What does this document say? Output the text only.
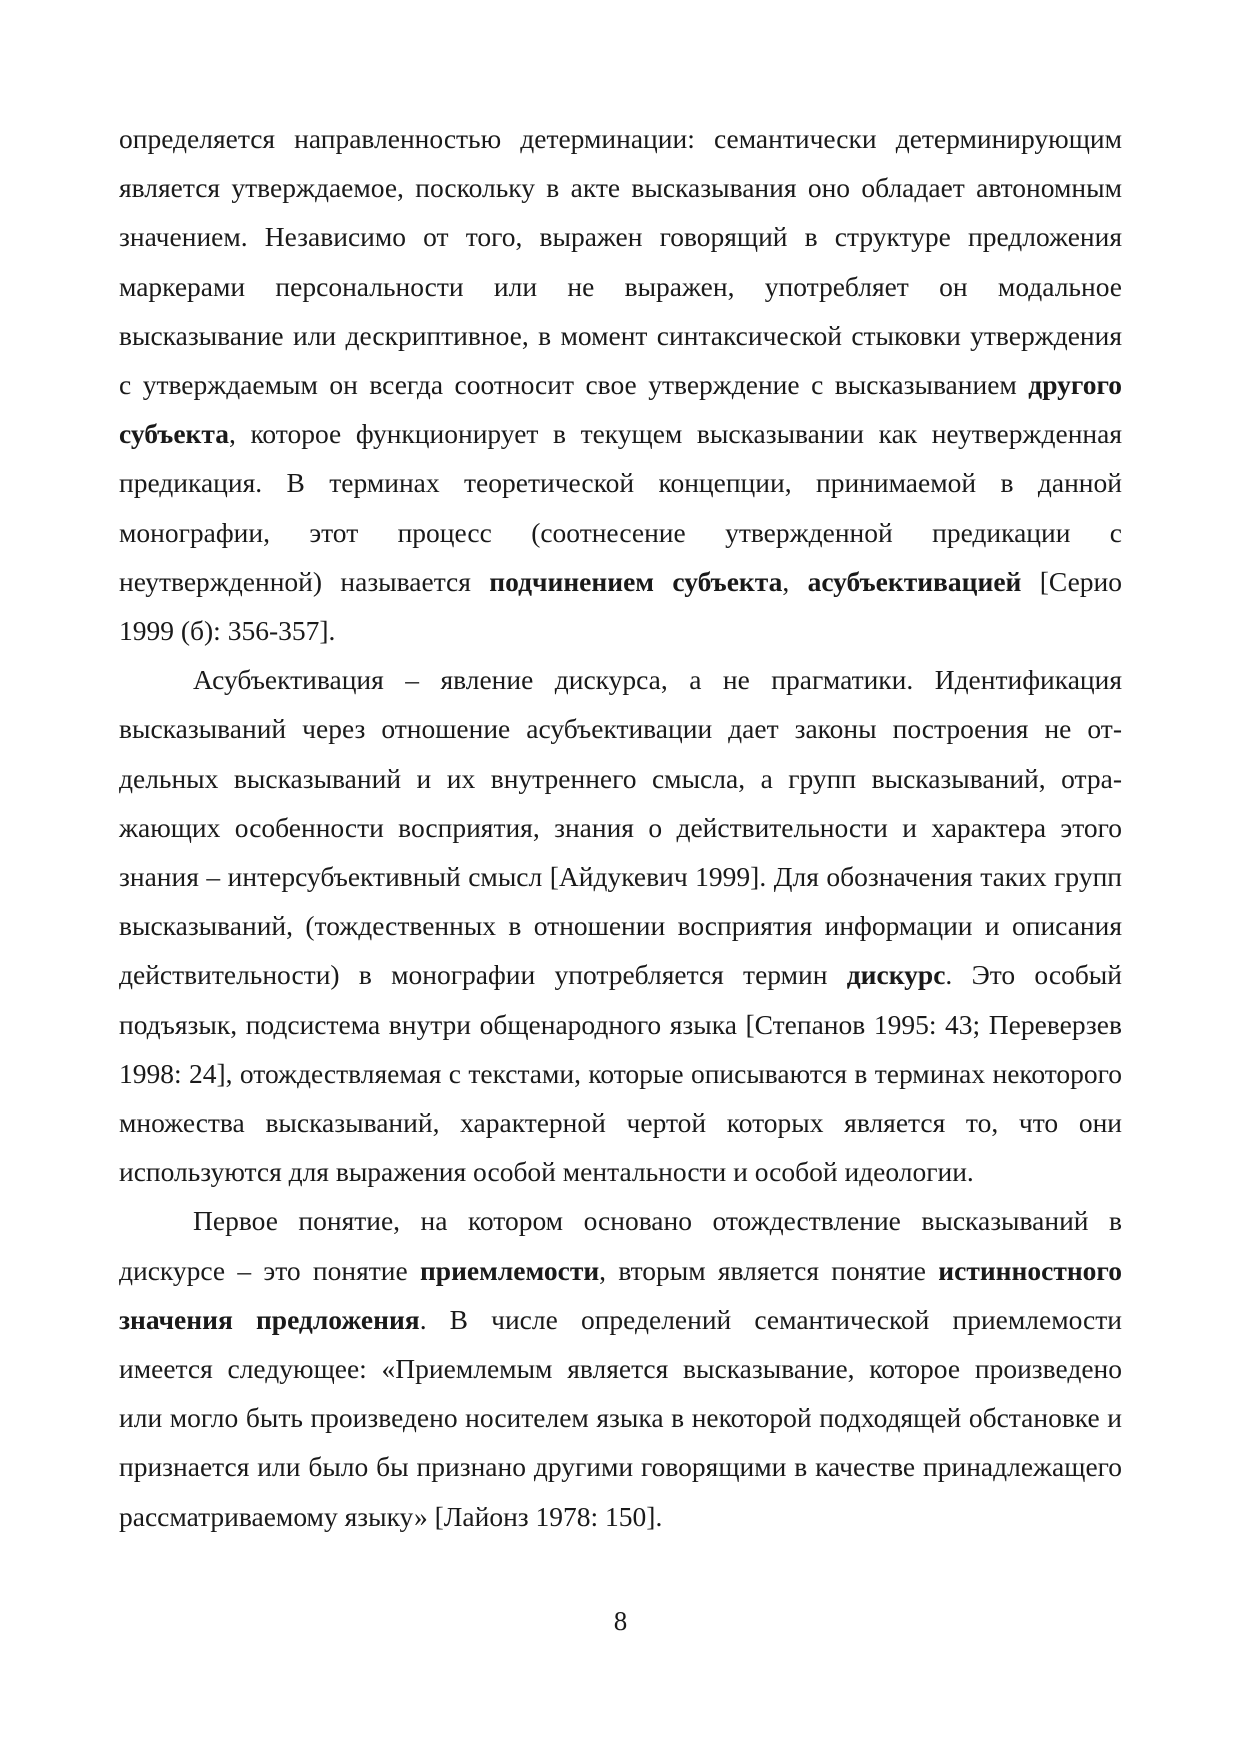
определяется направленностью детерминации: семантически детерминирующим является утверждаемое, поскольку в акте высказывания оно обладает автономным значением. Независимо от того, выражен говорящий в структуре предложения маркерами персональности или не выражен, употребляет он модальное высказывание или дескриптивное, в момент синтаксической стыковки утверждения с утверждаемым он всегда соотносит свое утверждение с высказыванием другого субъекта, которое функционирует в текущем высказывании как неутвержденная предикация. В терминах теоретической концепции, принимаемой в данной монографии, этот процесс (соотнесение утвержденной предикации с неутвержденной) называется подчинением субъекта, асубъективацией [Серио 1999 (б): 356-357].

Асубъективация – явление дискурса, а не прагматики. Идентификация высказываний через отношение асубъективации дает законы построения не отдельных высказываний и их внутреннего смысла, а групп высказываний, отражающих особенности восприятия, знания о действительности и характера этого знания – интерсубъективный смысл [Айдукевич 1999]. Для обозначения таких групп высказываний, (тождественных в отношении восприятия информации и описания действительности) в монографии употребляется термин дискурс. Это особый подъязык, подсистема внутри общенародного языка [Степанов 1995: 43; Переверзев 1998: 24], отождествляемая с текстами, которые описываются в терминах некоторого множества высказываний, характерной чертой которых является то, что они используются для выражения особой ментальности и особой идеологии.

Первое понятие, на котором основано отождествление высказываний в дискурсе – это понятие приемлемости, вторым является понятие истинностного значения предложения. В числе определений семантической приемлемости имеется следующее: «Приемлемым является высказывание, которое произведено или могло быть произведено носителем языка в некоторой подходящей обстановке и признается или было бы признано другими говорящими в качестве принадлежащего рассматриваемому языку» [Лайонз 1978: 150].

8
